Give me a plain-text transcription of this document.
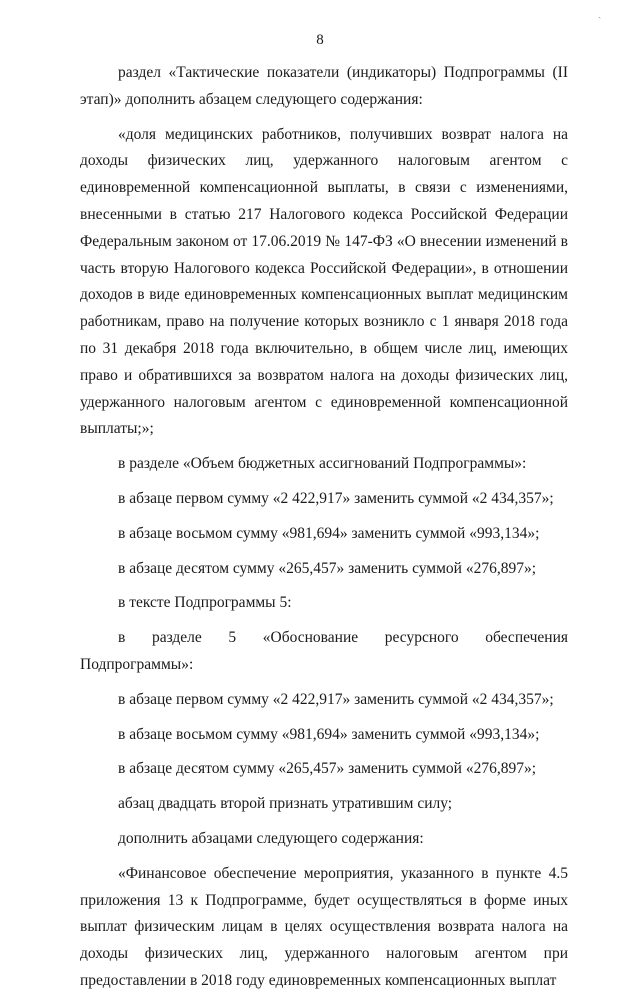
8

раздел «Тактические показатели (индикаторы) Подпрограммы (II этап)» дополнить абзацем следующего содержания:

«доля медицинских работников, получивших возврат налога на доходы физических лиц, удержанного налоговым агентом с единовременной компенсационной выплаты, в связи с изменениями, внесенными в статью 217 Налогового кодекса Российской Федерации Федеральным законом от 17.06.2019 № 147-ФЗ «О внесении изменений в часть вторую Налогового кодекса Российской Федерации», в отношении доходов в виде единовременных компенсационных выплат медицинским работникам, право на получение которых возникло с 1 января 2018 года по 31 декабря 2018 года включительно, в общем числе лиц, имеющих право и обратившихся за возвратом налога на доходы физических лиц, удержанного налоговым агентом с единовременной компенсационной выплаты;»;

в разделе «Объем бюджетных ассигнований Подпрограммы»:

в абзаце первом сумму «2 422,917» заменить суммой «2 434,357»;

в абзаце восьмом сумму «981,694» заменить суммой «993,134»;

в абзаце десятом сумму «265,457» заменить суммой «276,897»;

в тексте Подпрограммы 5:

в разделе 5 «Обоснование ресурсного обеспечения Подпрограммы»:

в абзаце первом сумму «2 422,917» заменить суммой «2 434,357»;

в абзаце восьмом сумму «981,694» заменить суммой «993,134»;

в абзаце десятом сумму «265,457» заменить суммой «276,897»;

абзац двадцать второй признать утратившим силу;

дополнить абзацами следующего содержания:

«Финансовое обеспечение мероприятия, указанного в пункте 4.5 приложения 13 к Подпрограмме, будет осуществляться в форме иных выплат физическим лицам в целях осуществления возврата налога на доходы физических лиц, удержанного налоговым агентом при предоставлении в 2018 году единовременных компенсационных выплат

ˏ
